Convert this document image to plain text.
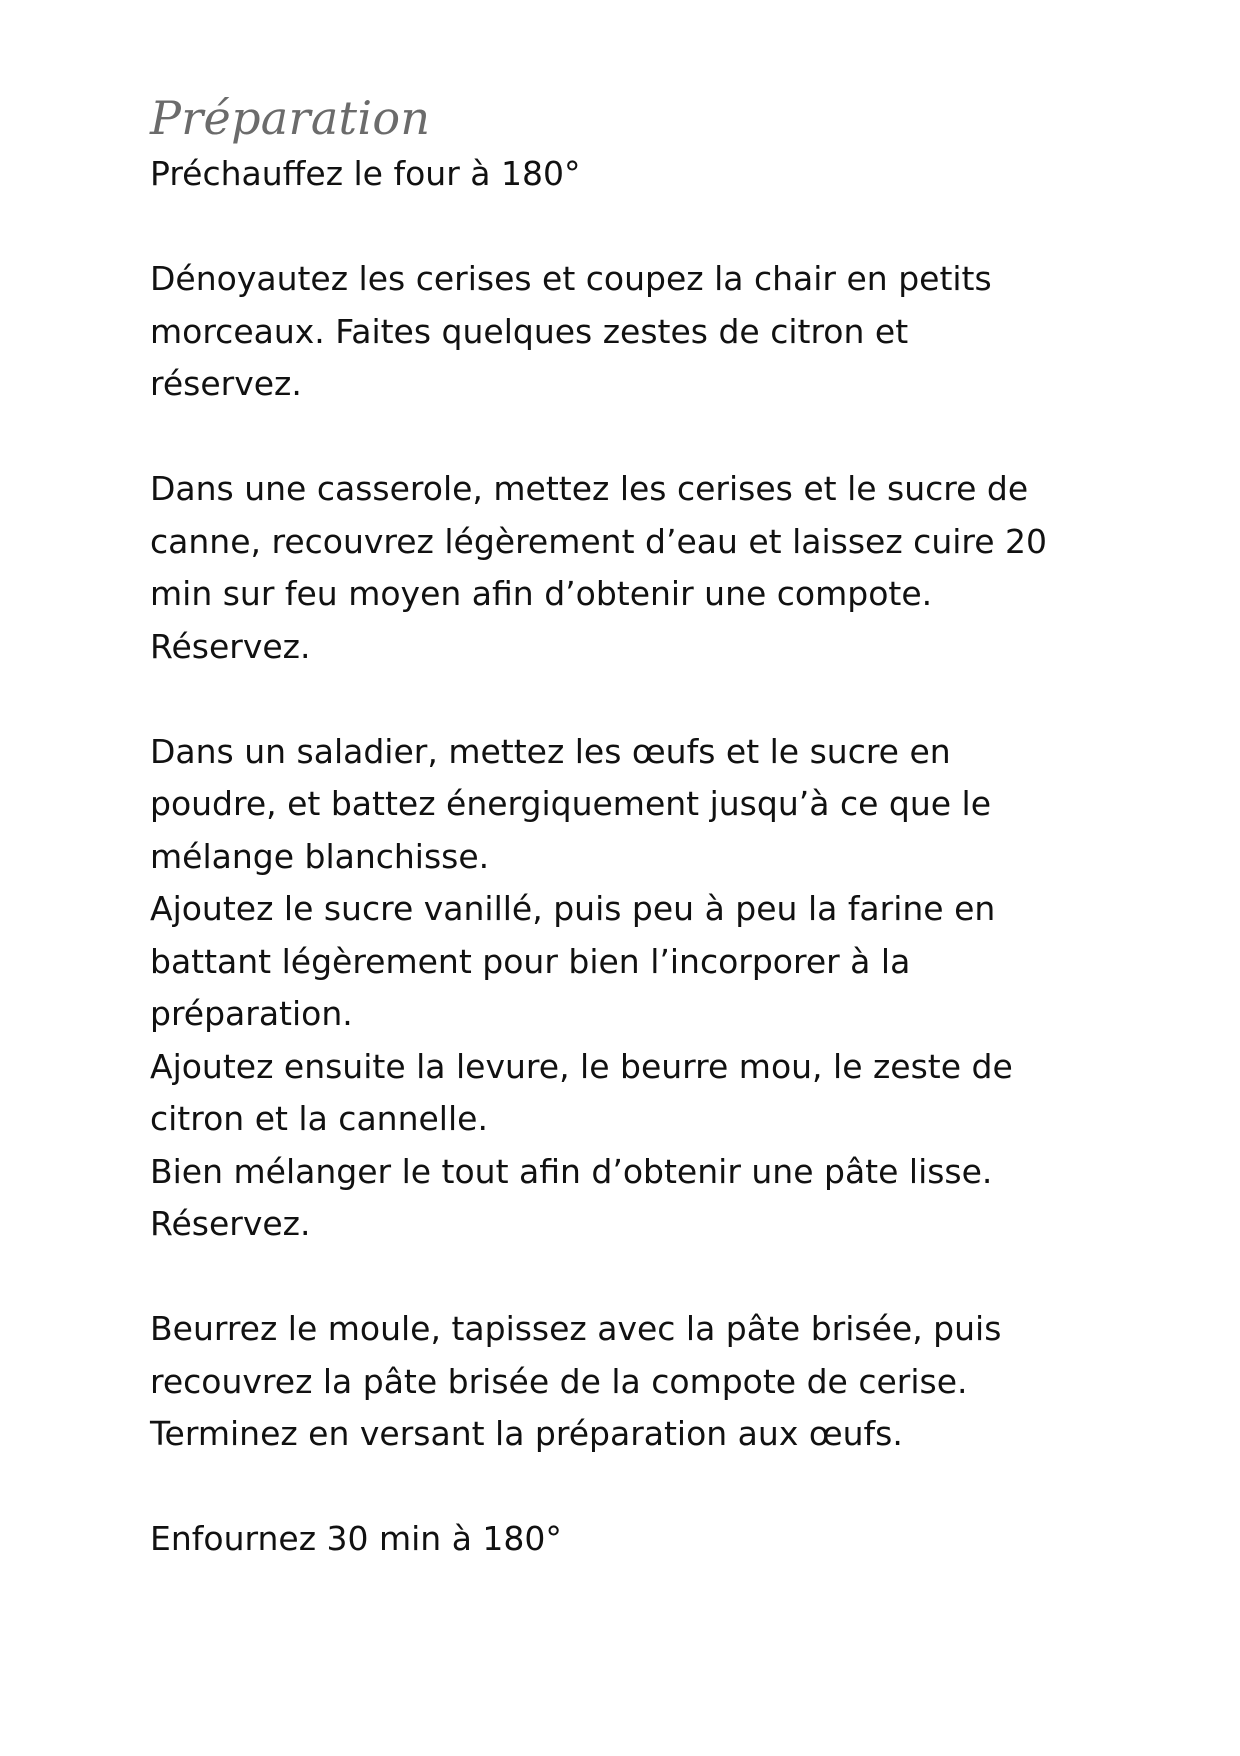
Préparation
Préchauffez le four à 180°
Dénoyautez les cerises et coupez la chair en petits
morceaux. Faites quelques zestes de citron et
réservez.
Dans une casserole, mettez les cerises et le sucre de
canne, recouvrez légèrement d’eau et laissez cuire 20
min sur feu moyen afin d’obtenir une compote.
Réservez.
Dans un saladier, mettez les œufs et le sucre en
poudre, et battez énergiquement jusqu’à ce que le
mélange blanchisse.
Ajoutez le sucre vanillé, puis peu à peu la farine en
battant légèrement pour bien l’incorporer à la
préparation.
Ajoutez ensuite la levure, le beurre mou, le zeste de
citron et la cannelle.
Bien mélanger le tout afin d’obtenir une pâte lisse.
Réservez.
Beurrez le moule, tapissez avec la pâte brisée, puis
recouvrez la pâte brisée de la compote de cerise.
Terminez en versant la préparation aux œufs.
Enfournez 30 min à 180°
